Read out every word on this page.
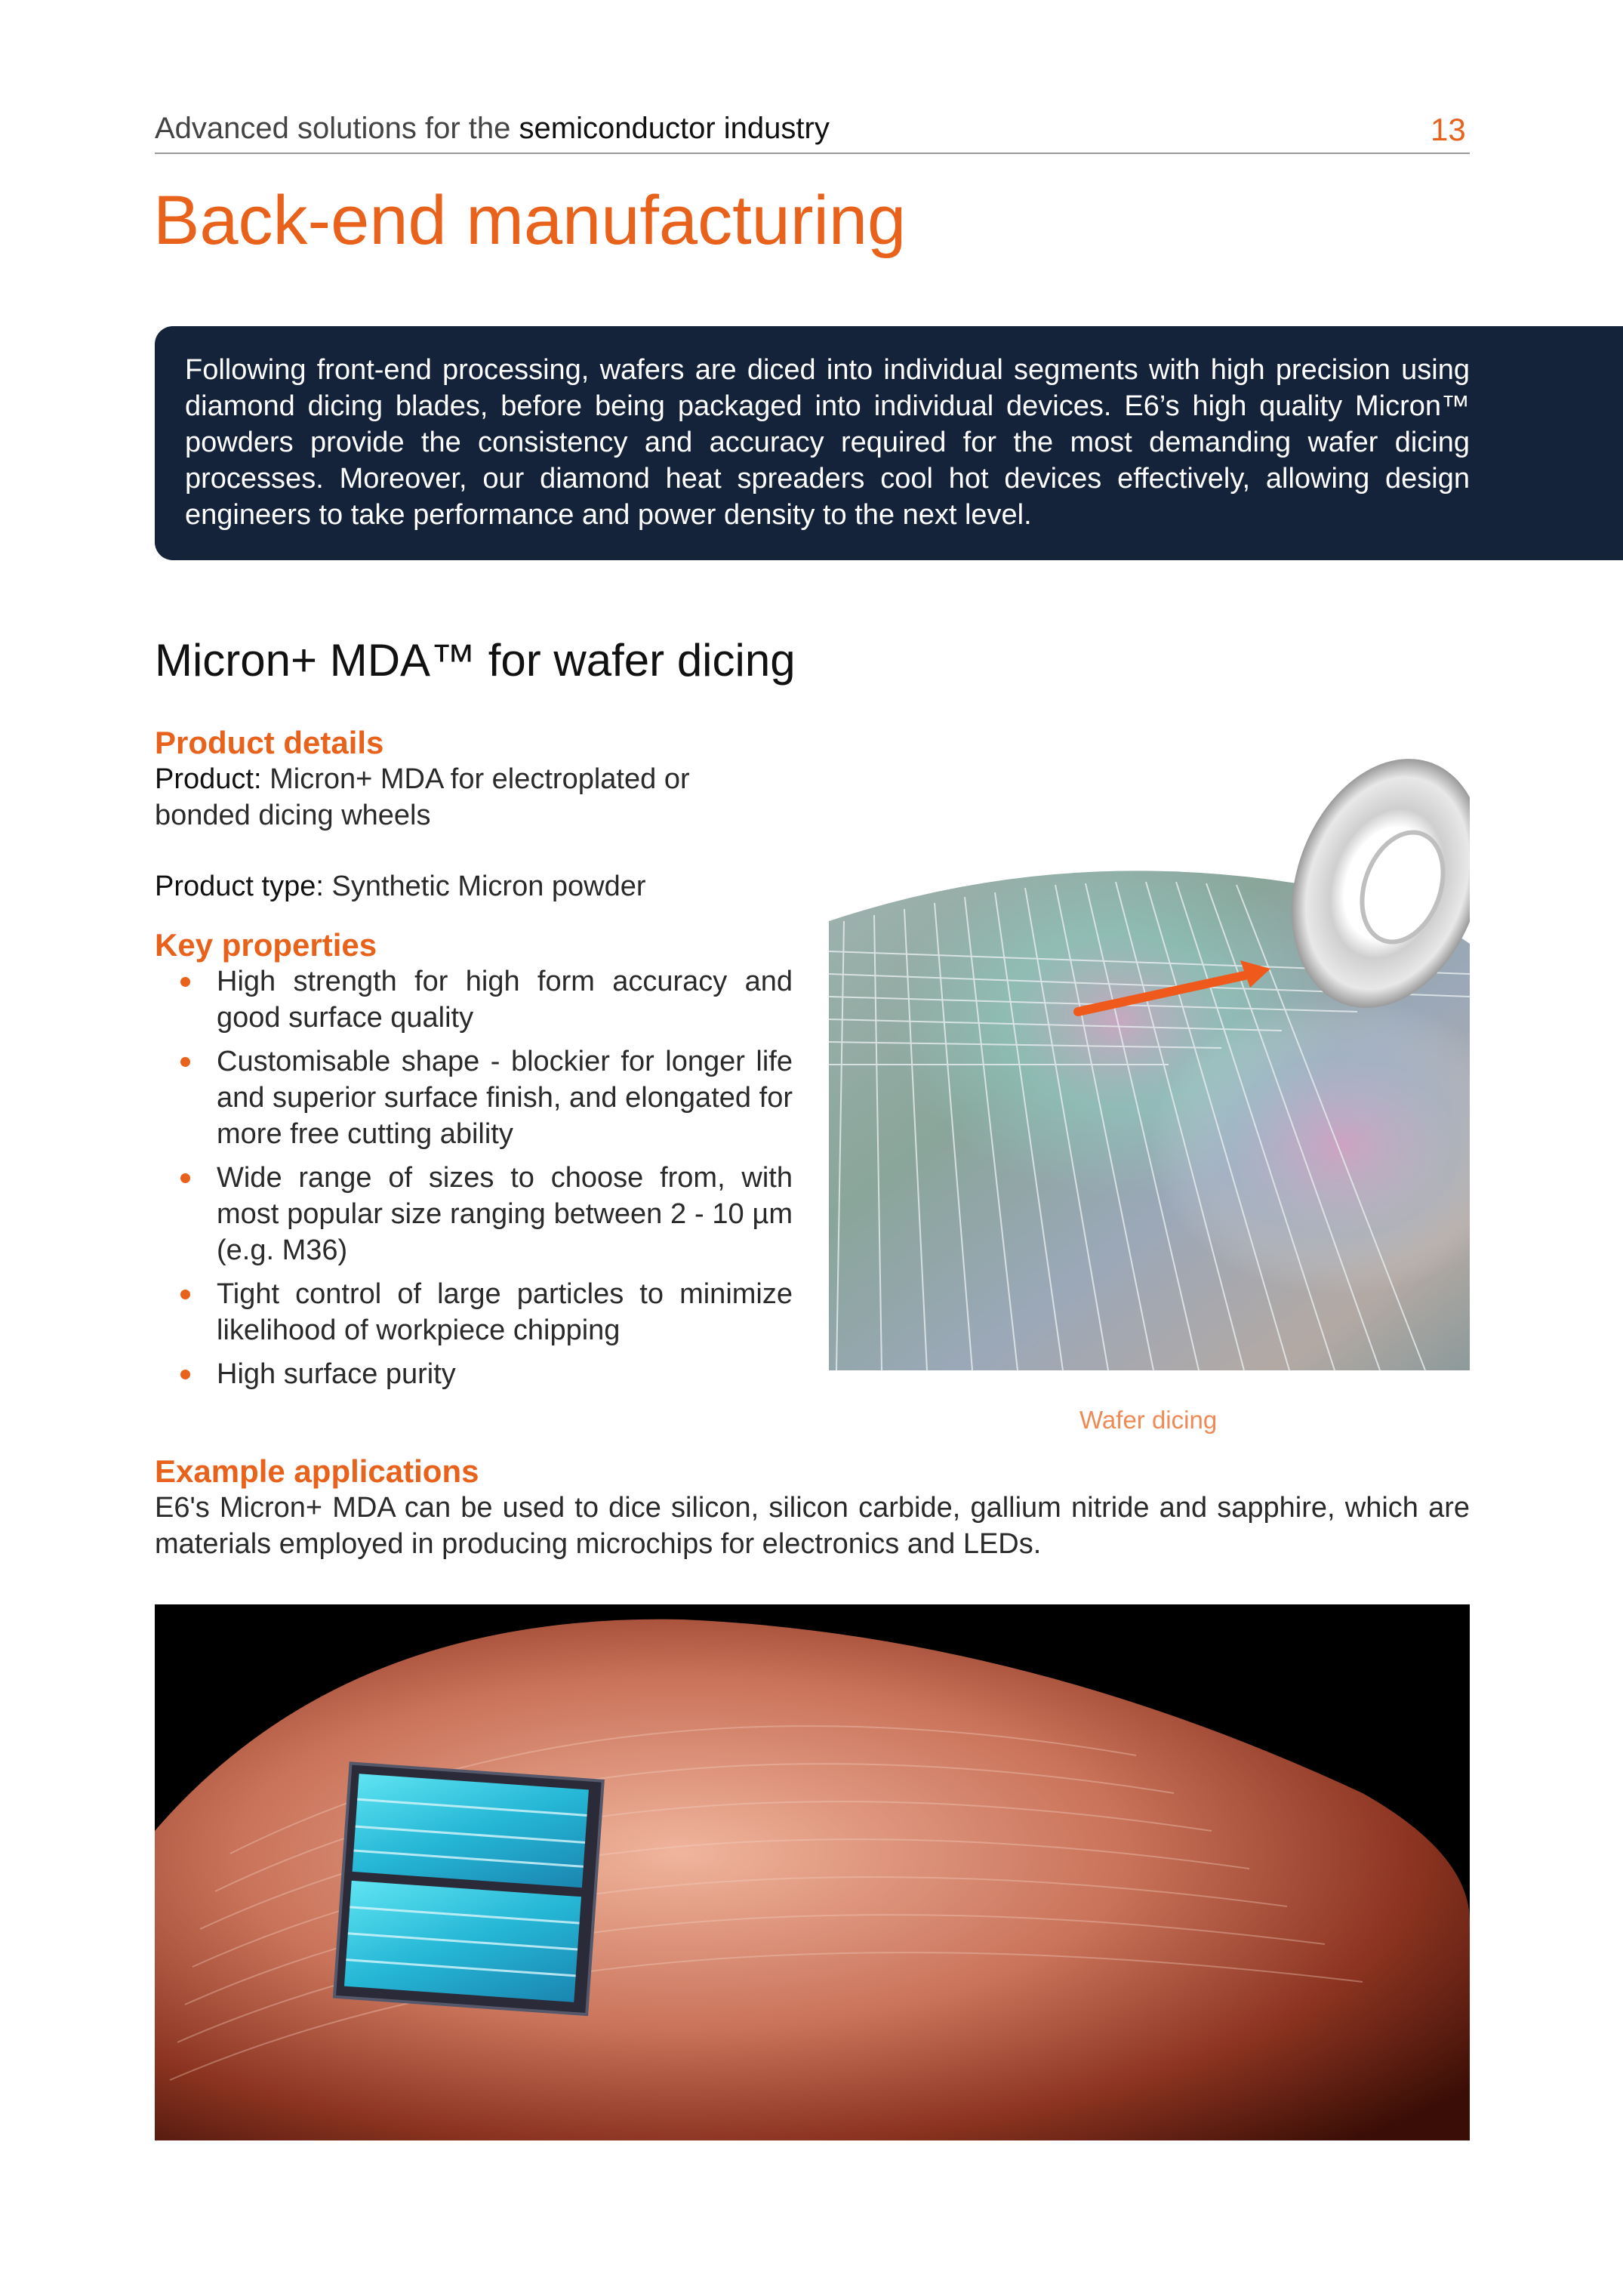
Advanced solutions for the semiconductor industry	13
Back-end manufacturing

Following front-end processing, wafers are diced into individual segments with high precision using diamond dicing blades, before being packaged into individual devices. E6’s high quality Micron™ powders provide the consistency and accuracy required for the most demanding wafer dicing processes. Moreover, our diamond heat spreaders cool hot devices effectively, allowing design engineers to take performance and power density to the next level.

Micron+ MDA™ for wafer dicing

Product details

Product: Micron+ MDA for electroplated or bonded dicing wheels

Product type: Synthetic Micron powder

Key properties

High strength for high form accuracy and good surface quality
Customisable shape - blockier for longer life and superior surface finish, and elongated for more free cutting ability
Wide range of sizes to choose from, with most popular size ranging between 2 - 10 µm (e.g. M36)
Tight control of large particles to minimize likelihood of workpiece chipping
High surface purity
Wafer dicing

Example applications

E6's Micron+ MDA can be used to dice silicon, silicon carbide, gallium nitride and sapphire, which are materials employed in producing microchips for electronics and LEDs.
